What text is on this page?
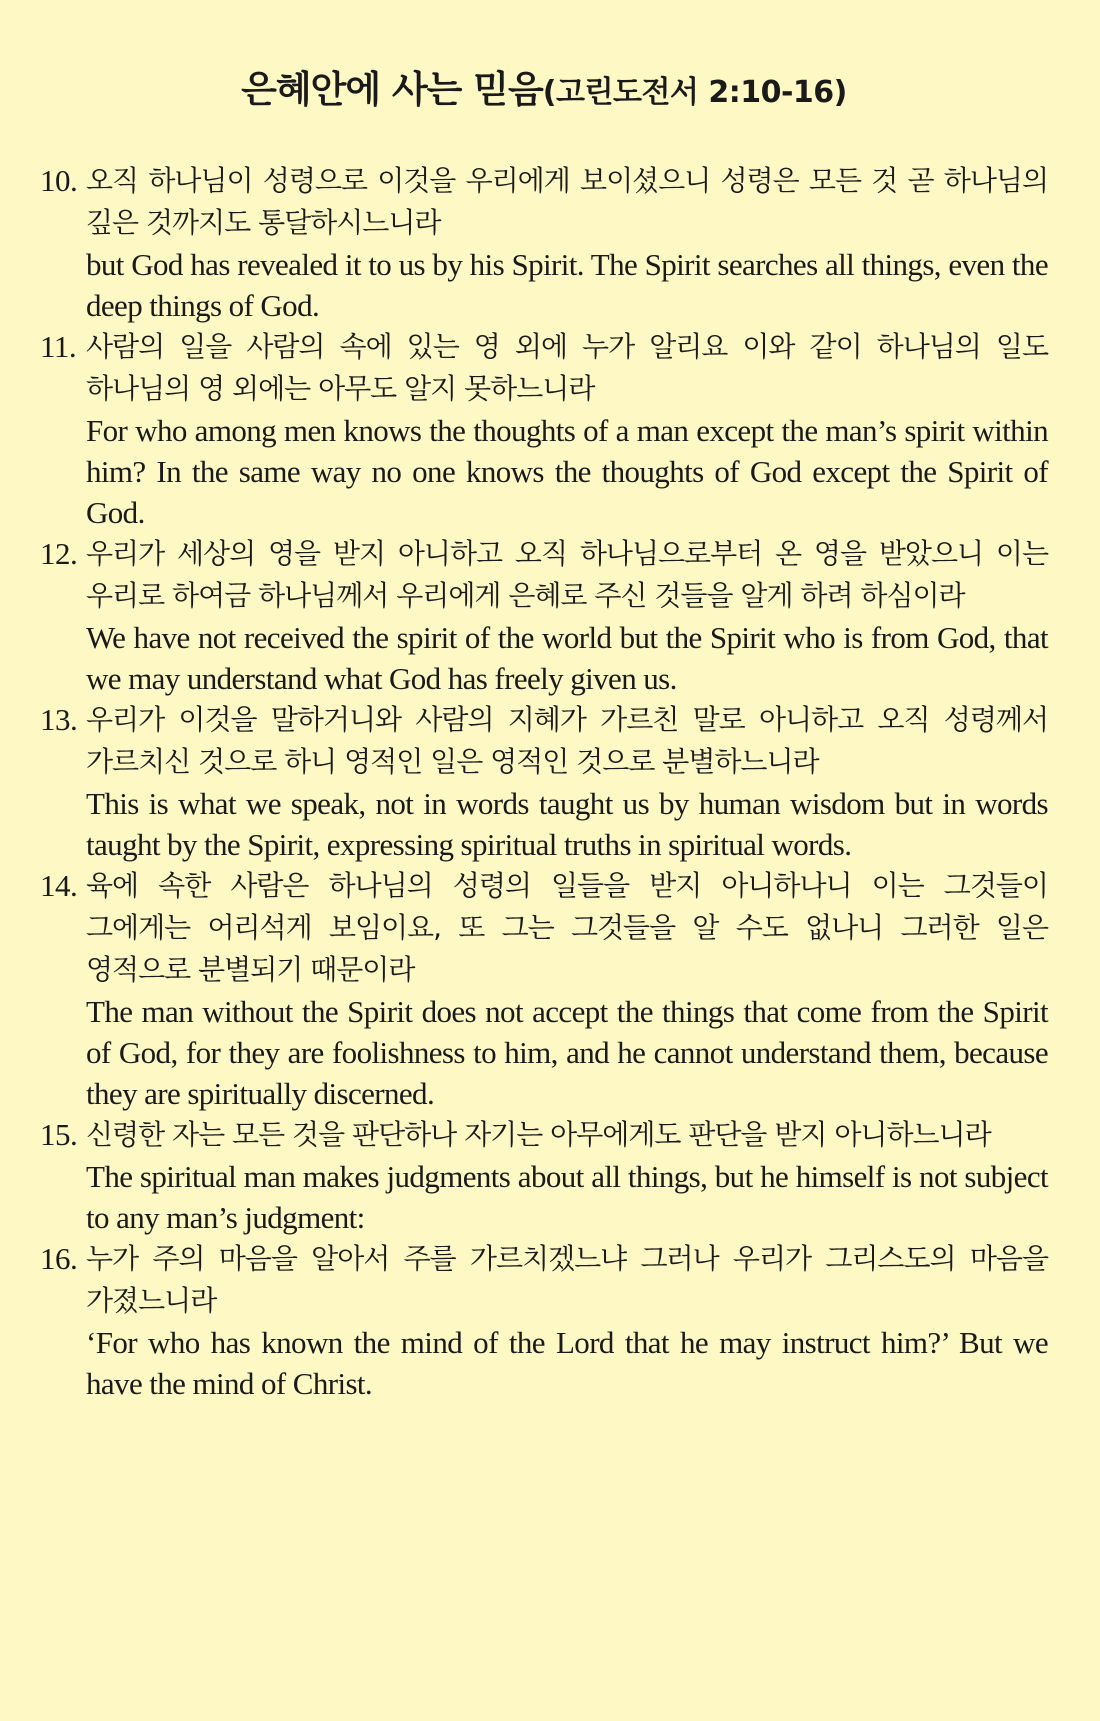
은혜안에 사는 믿음(고린도전서 2:10-16)
10. 오직 하나님이 성령으로 이것을 우리에게 보이셨으니 성령은 모든 것 곧 하나님의 깊은 것까지도 통달하시느니라

but God has revealed it to us by his Spirit. The Spirit searches all things, even the deep things of God.

11. 사람의 일을 사람의 속에 있는 영 외에 누가 알리요 이와 같이 하나님의 일도 하나님의 영 외에는 아무도 알지 못하느니라

For who among men knows the thoughts of a man except the man’s spirit within him? In the same way no one knows the thoughts of God except the Spirit of God.

12. 우리가 세상의 영을 받지 아니하고 오직 하나님으로부터 온 영을 받았으니 이는 우리로 하여금 하나님께서 우리에게 은혜로 주신 것들을 알게 하려 하심이라

We have not received the spirit of the world but the Spirit who is from God, that we may understand what God has freely given us.

13. 우리가 이것을 말하거니와 사람의 지혜가 가르친 말로 아니하고 오직 성령께서 가르치신 것으로 하니 영적인 일은 영적인 것으로 분별하느니라

This is what we speak, not in words taught us by human wisdom but in words taught by the Spirit, expressing spiritual truths in spiritual words.

14. 육에 속한 사람은 하나님의 성령의 일들을 받지 아니하나니 이는 그것들이 그에게는 어리석게 보임이요, 또 그는 그것들을 알 수도 없나니 그러한 일은 영적으로 분별되기 때문이라

The man without the Spirit does not accept the things that come from the Spirit of God, for they are foolishness to him, and he cannot understand them, because they are spiritually discerned.

15. 신령한 자는 모든 것을 판단하나 자기는 아무에게도 판단을 받지 아니하느니라

The spiritual man makes judgments about all things, but he himself is not subject to any man’s judgment:

16. 누가 주의 마음을 알아서 주를 가르치겠느냐 그러나 우리가 그리스도의 마음을 가졌느니라

‘For who has known the mind of the Lord that he may instruct him?’ But we have the mind of Christ.
